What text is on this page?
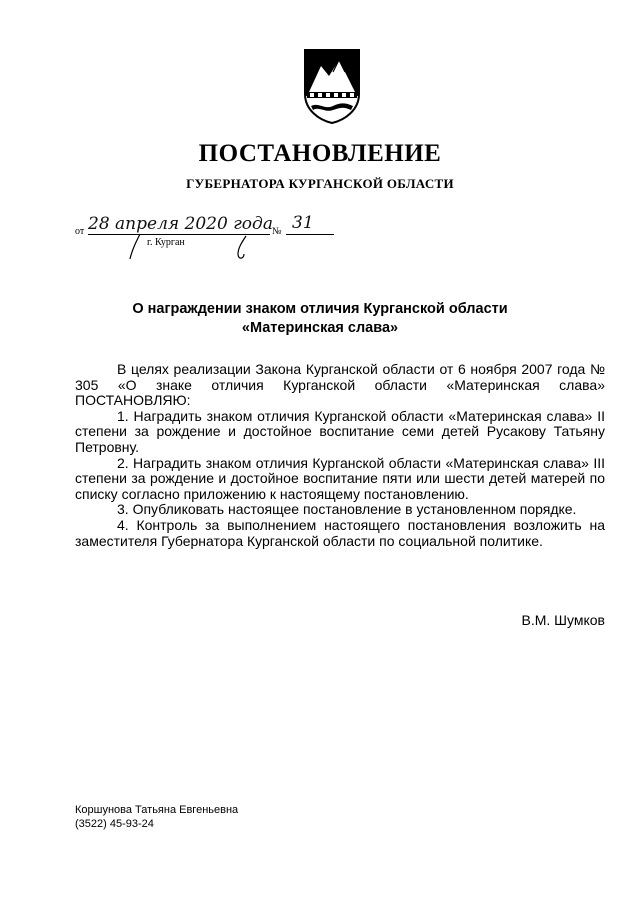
ПОСТАНОВЛЕНИЕ
ГУБЕРНАТОРА КУРГАНСКОЙ ОБЛАСТИ
от 28 апреля 2020 года № 31
г. Курган
О награждении знаком отличия Курганской области
«Материнская слава»

В целях реализации Закона Курганской области от 6 ноября 2007 года № 305 «О знаке отличия Курганской области «Материнская слава» ПОСТАНОВЛЯЮ:

1. Наградить знаком отличия Курганской области «Материнская слава» II степени за рождение и достойное воспитание семи детей Русакову Татьяну Петровну.

2. Наградить знаком отличия Курганской области «Материнская слава» III степени за рождение и достойное воспитание пяти или шести детей матерей по списку согласно приложению к настоящему постановлению.

3. Опубликовать настоящее постановление в установленном порядке.

4. Контроль за выполнением настоящего постановления возложить на заместителя Губернатора Курганской области по социальной политике.

В.М. Шумков
Коршунова Татьяна Евгеньевна
(3522) 45-93-24
